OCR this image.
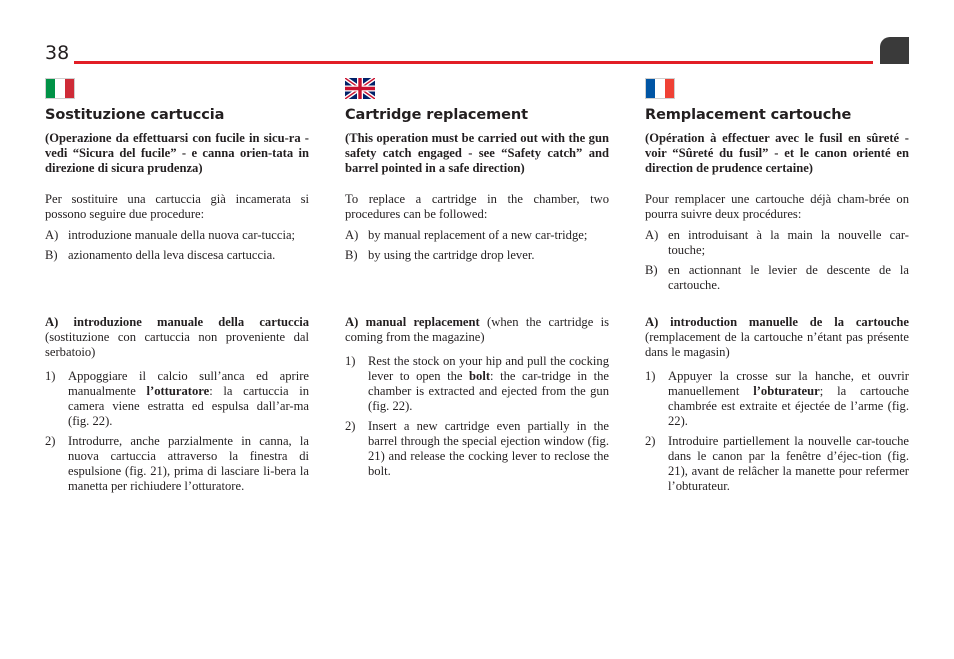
38
Sostituzione cartuccia
(Operazione da effettuarsi con fucile in sicu-ra - vedi “Sicura del fucile” - e canna orien-tata in direzione di sicura prudenza)
Per sostituire una cartuccia già incamerata si possono seguire due procedure:
A) introduzione manuale della nuova car-tuccia;
B) azionamento della leva discesa cartuccia.
Cartridge replacement
(This operation must be carried out with the gun safety catch engaged - see “Safety catch” and barrel pointed in a safe direction)
To replace a cartridge in the chamber, two procedures can be followed:
A) by manual replacement of a new car-tridge;
B) by using the cartridge drop lever.
Remplacement cartouche
(Opération à effectuer avec le fusil en sûreté - voir “Sûreté du fusil” - et le canon orienté en direction de prudence certaine)
Pour remplacer une cartouche déjà cham-brée on pourra suivre deux procédures:
A) en introduisant à la main la nouvelle car-touche;
B) en actionnant le levier de descente de la cartouche.
A) introduzione manuale della cartuccia (sostituzione con cartuccia non proveniente dal serbatoio)
1) Appoggiare il calcio sull’anca ed aprire manualmente l’otturatore: la cartuccia in camera viene estratta ed espulsa dall’ar-ma (fig. 22).
2) Introdurre, anche parzialmente in canna, la nuova cartuccia attraverso la finestra di espulsione (fig. 21), prima di lasciare li-bera la manetta per richiudere l’otturatore.
A) manual replacement (when the cartridge is coming from the magazine)
1) Rest the stock on your hip and pull the cocking lever to open the bolt: the car-tridge in the chamber is extracted and ejected from the gun (fig. 22).
2) Insert a new cartridge even partially in the barrel through the special ejection window (fig. 21) and release the cocking lever to reclose the bolt.
A) introduction manuelle de la cartouche (remplacement de la cartouche n’étant pas présente dans le magasin)
1) Appuyer la crosse sur la hanche, et ouvrir manuellement l’obturateur; la cartouche chambrée est extraite et éjectée de l’arme (fig. 22).
2) Introduire partiellement la nouvelle car-touche dans le canon par la fenêtre d’éjec-tion (fig. 21), avant de relâcher la manette pour refermer l’obturateur.
